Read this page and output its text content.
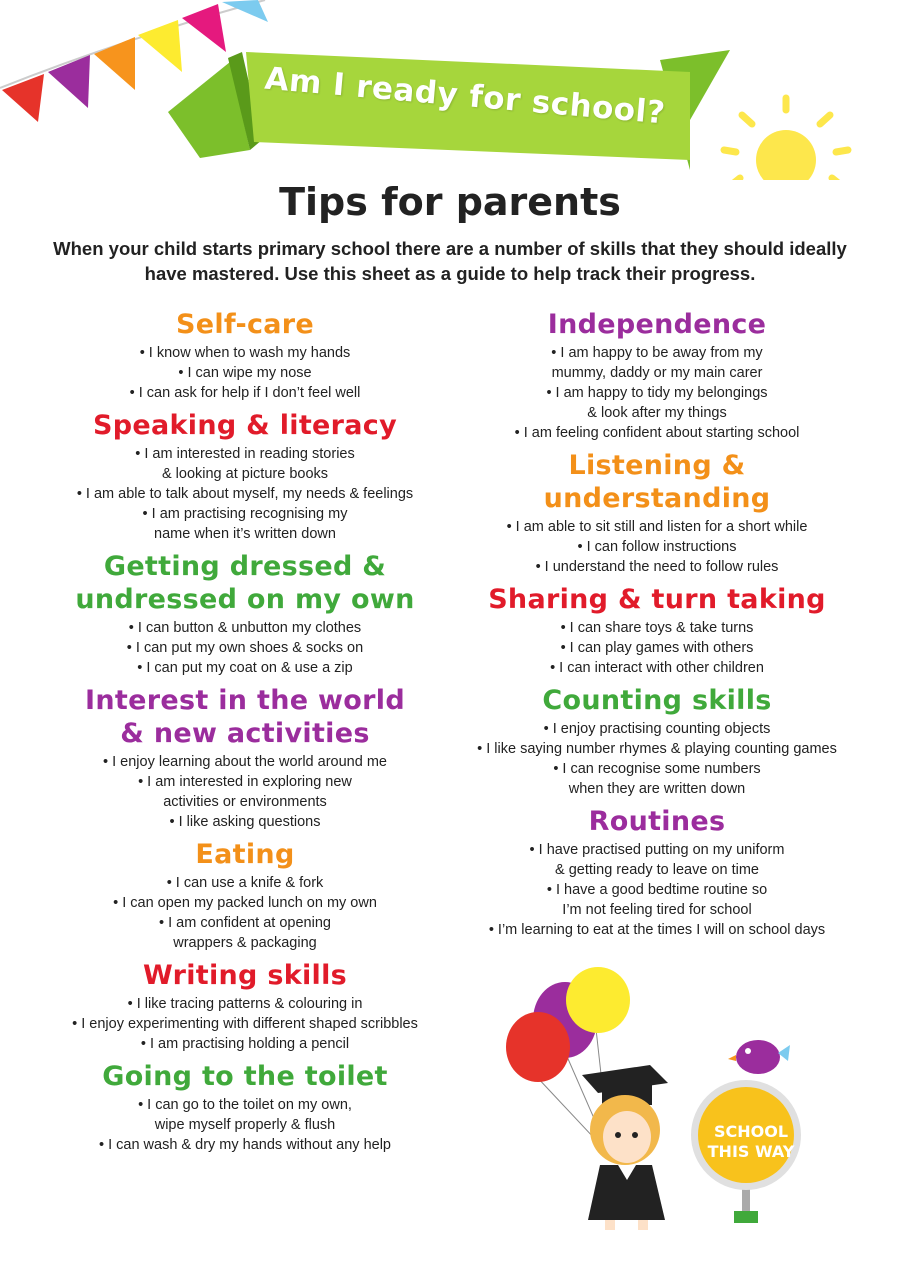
Am I ready for school?
Tips for parents
When your child starts primary school there are a number of skills that they should ideally have mastered. Use this sheet as a guide to help track their progress.
Self-care
• I know when to wash my hands
• I can wipe my nose
• I can ask for help if I don’t feel well
Speaking & literacy
• I am interested in reading stories
& looking at picture books
• I am able to talk about myself, my needs & feelings
• I am practising recognising my
name when it’s written down
Getting dressed &
undressed on my own
• I can button & unbutton my clothes
• I can put my own shoes & socks on
• I can put my coat on & use a zip
Interest in the world
& new activities
• I enjoy learning about the world around me
• I am interested in exploring new
activities or environments
• I like asking questions
Eating
• I can use a knife & fork
• I can open my packed lunch on my own
• I am confident at opening
wrappers & packaging
Writing skills
• I like tracing patterns & colouring in
• I enjoy experimenting with different shaped scribbles
• I am practising holding a pencil
Going to the toilet
• I can go to the toilet on my own,
wipe myself properly & flush
• I can wash & dry my hands without any help
Independence
• I am happy to be away from my
mummy, daddy or my main carer
• I am happy to tidy my belongings
& look after my things
• I am feeling confident about starting school
Listening & understanding
• I am able to sit still and listen for a short while
• I can follow instructions
• I understand the need to follow rules
Sharing & turn taking
• I can share toys & take turns
• I can play games with others
• I can interact with other children
Counting skills
• I enjoy practising counting objects
• I like saying number rhymes & playing counting games
• I can recognise some numbers
when they are written down
Routines
• I have practised putting on my uniform
& getting ready to leave on time
• I have a good bedtime routine so
I’m not feeling tired for school
• I’m learning to eat at the times I will on school days
SCHOOL
THIS WAY
